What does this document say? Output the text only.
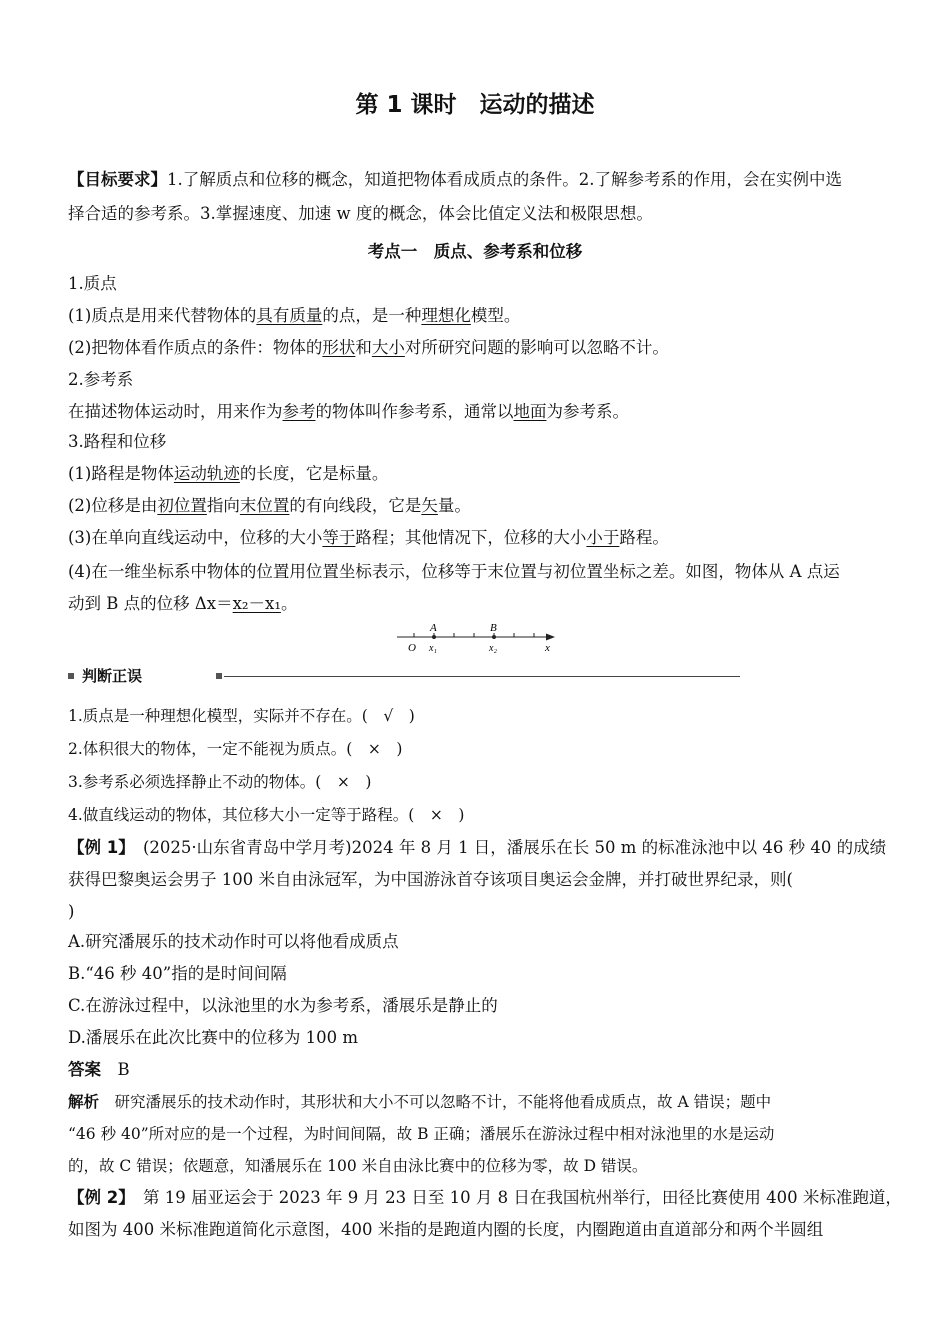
第 1 课时　运动的描述
【目标要求】1.了解质点和位移的概念，知道把物体看成质点的条件。2.了解参考系的作用，会在实例中选
择合适的参考系。3.掌握速度、加速 w 度的概念，体会比值定义法和极限思想。
考点一　质点、参考系和位移
1.质点
(1)质点是用来代替物体的具有质量的点，是一种理想化模型。
(2)把物体看作质点的条件：物体的形状和大小对所研究问题的影响可以忽略不计。
2.参考系
在描述物体运动时，用来作为参考的物体叫作参考系，通常以地面为参考系。
3.路程和位移
(1)路程是物体运动轨迹的长度，它是标量。
(2)位移是由初位置指向末位置的有向线段，它是矢量。
(3)在单向直线运动中，位移的大小等于路程；其他情况下，位移的大小小于路程。
(4)在一维坐标系中物体的位置用位置坐标表示，位移等于末位置与初位置坐标之差。如图，物体从 A 点运
动到 B 点的位移 Δx＝x₂－x₁。
A	B
O x₁	x₂	x
判断正误
1.质点是一种理想化模型，实际并不存在。(　√　)
2.体积很大的物体，一定不能视为质点。(　×　)
3.参考系必须选择静止不动的物体。(　×　)
4.做直线运动的物体，其位移大小一定等于路程。(　×　)
【例 1】　(2025·山东省青岛中学月考)2024 年 8 月 1 日，潘展乐在长 50 m 的标准泳池中以 46 秒 40 的成绩
获得巴黎奥运会男子 100 米自由泳冠军，为中国游泳首夺该项目奥运会金牌，并打破世界纪录，则(
)
A.研究潘展乐的技术动作时可以将他看成质点
B.“46 秒 40”指的是时间间隔
C.在游泳过程中，以泳池里的水为参考系，潘展乐是静止的
D.潘展乐在此次比赛中的位移为 100 m
答案　 B
解析　 研究潘展乐的技术动作时，其形状和大小不可以忽略不计，不能将他看成质点，故 A 错误；题中
“46 秒 40”所对应的是一个过程，为时间间隔，故 B 正确；潘展乐在游泳过程中相对泳池里的水是运动
的，故 C 错误；依题意，知潘展乐在 100 米自由泳比赛中的位移为零，故 D 错误。
【例 2】　第 19 届亚运会于 2023 年 9 月 23 日至 10 月 8 日在我国杭州举行，田径比赛使用 400 米标准跑道，
如图为 400 米标准跑道简化示意图，400 米指的是跑道内圈的长度，内圈跑道由直道部分和两个半圆组
